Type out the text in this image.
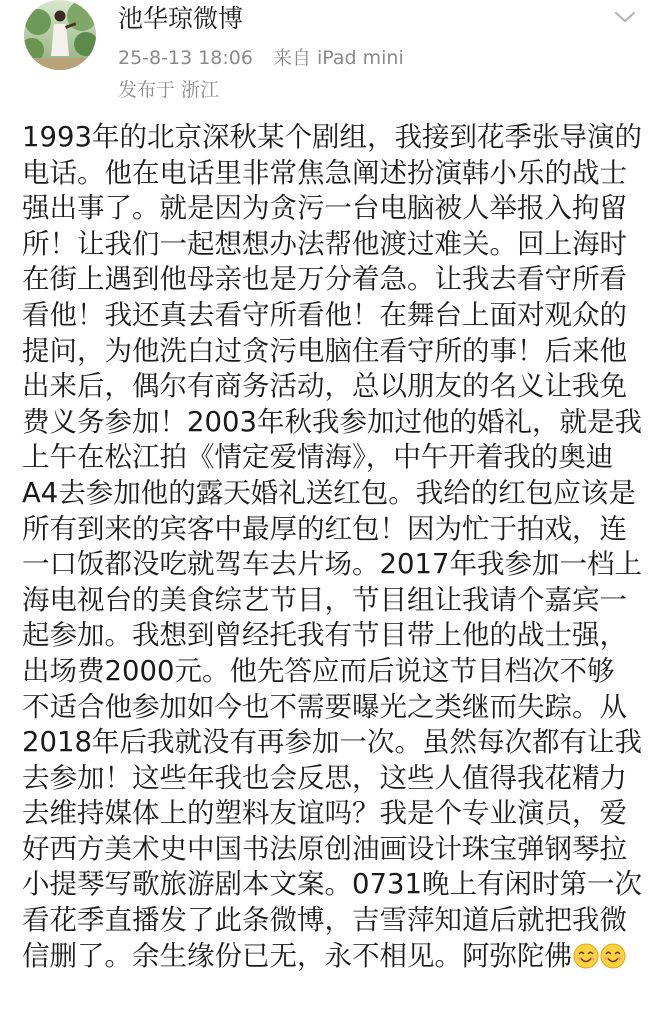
池华琼微博
25-8-13 18:06 来自 iPad mini
发布于 浙江
1993年的北京深秋某个剧组，我接到花季张导演的
电话。他在电话里非常焦急阐述扮演韩小乐的战士
强出事了。就是因为贪污一台电脑被人举报入拘留
所！让我们一起想想办法帮他渡过难关。回上海时
在街上遇到他母亲也是万分着急。让我去看守所看
看他！我还真去看守所看他！在舞台上面对观众的
提问，为他洗白过贪污电脑住看守所的事！后来他
出来后，偶尔有商务活动，总以朋友的名义让我免
费义务参加！2003年秋我参加过他的婚礼，就是我
上午在松江拍《情定爱情海》，中午开着我的奥迪
A4去参加他的露天婚礼送红包。我给的红包应该是
所有到来的宾客中最厚的红包！因为忙于拍戏，连
一口饭都没吃就驾车去片场。2017年我参加一档上
海电视台的美食综艺节目，节目组让我请个嘉宾一
起参加。我想到曾经托我有节目带上他的战士强，
出场费2000元。他先答应而后说这节目档次不够
不适合他参加如今也不需要曝光之类继而失踪。从
2018年后我就没有再参加一次。虽然每次都有让我
去参加！这些年我也会反思，这些人值得我花精力
去维持媒体上的塑料友谊吗？我是个专业演员，爱
好西方美术史中国书法原创油画设计珠宝弹钢琴拉
小提琴写歌旅游剧本文案。0731晚上有闲时第一次
看花季直播发了此条微博，吉雪萍知道后就把我微
信删了。余生缘份已无，永不相见。阿弥陀佛
